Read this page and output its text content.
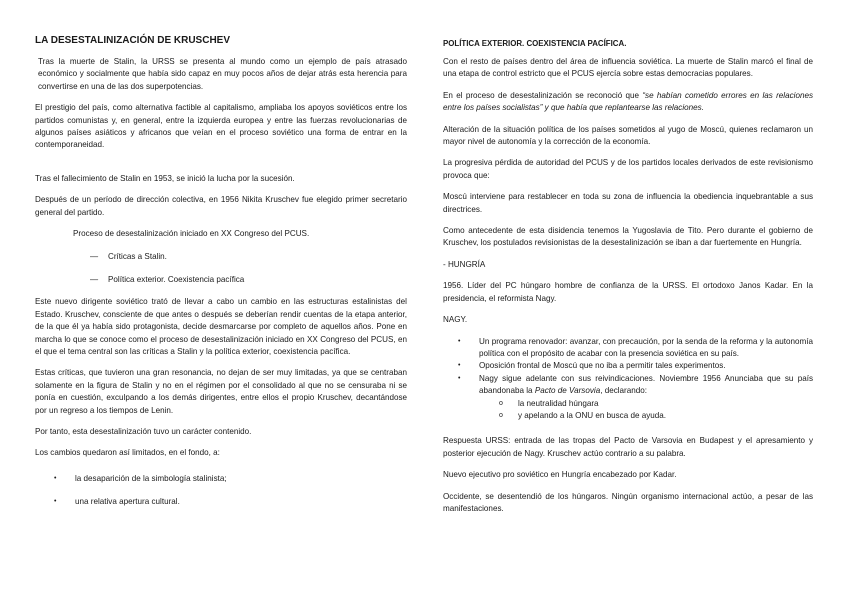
LA DESESTALINIZACIÓN DE KRUSCHEV

Tras la muerte de Stalin, la URSS se presenta al mundo como un ejemplo de país atrasado económico y socialmente que había sido capaz en muy pocos años de dejar atrás esta herencia para convertirse en una de las dos superpotencias.

El prestigio del país, como alternativa factible al capitalismo, ampliaba los apoyos soviéticos entre los partidos comunistas y, en general, entre la izquierda europea y entre las fuerzas revolucionarias de algunos países asiáticos y africanos que veían en el proceso soviético una forma de entrar en la contemporaneidad.

Tras el fallecimiento de Stalin en 1953, se inició la lucha por la sucesión.

Después de un período de dirección colectiva, en 1956 Nikita Kruschev fue elegido primer secretario general del partido.

Proceso de desestalinización iniciado en XX Congreso del PCUS.

— Críticas a Stalin.

— Política exterior. Coexistencia pacífica

Este nuevo dirigente soviético trató de llevar a cabo un cambio en las estructuras estalinistas del Estado. Kruschev, consciente de que antes o después se deberían rendir cuentas de la etapa anterior, de la que él ya había sido protagonista, decide desmarcarse por completo de aquellos años. Pone en marcha lo que se conoce como el proceso de desestalinización iniciado en XX Congreso del PCUS, en el que el tema central son las críticas a Stalin y la política exterior, coexistencia pacífica.

Estas críticas, que tuvieron una gran resonancia, no dejan de ser muy limitadas, ya que se centraban solamente en la figura de Stalin y no en el régimen por el consolidado al que no se censuraba ni se ponía en cuestión, exculpando a los demás dirigentes, entre ellos el propio Kruschev, decantándose por un regreso a los tiempos de Lenin.

Por tanto, esta desestalinización tuvo un carácter contenido.

Los cambios quedaron así limitados, en el fondo, a:

• la desaparición de la simbología stalinista;

• una relativa apertura cultural.

POLÍTICA EXTERIOR. COEXISTENCIA PACÍFICA.

Con el resto de países dentro del área de influencia soviética. La muerte de Stalin marcó el final de una etapa de control estricto que el PCUS ejercía sobre estas democracias populares.

En el proceso de desestalinización se reconoció que “se habían cometido errores en las relaciones entre los países socialistas” y que había que replantearse las relaciones.

Alteración de la situación política de los países sometidos al yugo de Moscú, quienes reclamaron un mayor nivel de autonomía y la corrección de la economía.

La progresiva pérdida de autoridad del PCUS y de los partidos locales derivados de este revisionismo provoca que:

Moscú interviene para restablecer en toda su zona de influencia la obediencia inquebrantable a sus directrices.

Como antecedente de esta disidencia tenemos la Yugoslavia de Tito. Pero durante el gobierno de Kruschev, los postulados revisionistas de la desestalinización se iban a dar fuertemente en Hungría.

- HUNGRÍA

1956. Líder del PC húngaro hombre de confianza de la URSS. El ortodoxo Janos Kadar. En la presidencia, el reformista Nagy.

NAGY.

• Un programa renovador: avanzar, con precaución, por la senda de la reforma y la autonomía política con el propósito de acabar con la presencia soviética en su país.

• Oposición frontal de Moscú que no iba a permitir tales experimentos.

• Nagy sigue adelante con sus reivindicaciones. Noviembre 1956 Anunciaba que su país abandonaba la Pacto de Varsovia, declarando:

o la neutralidad húngara

o y apelando a la ONU en busca de ayuda.

Respuesta URSS: entrada de las tropas del Pacto de Varsovia en Budapest y el apresamiento y posterior ejecución de Nagy. Kruschev actúo contrario a su palabra.

Nuevo ejecutivo pro soviético en Hungría encabezado por Kadar.

Occidente, se desentendió de los húngaros. Ningún organismo internacional actúo, a pesar de las manifestaciones.
